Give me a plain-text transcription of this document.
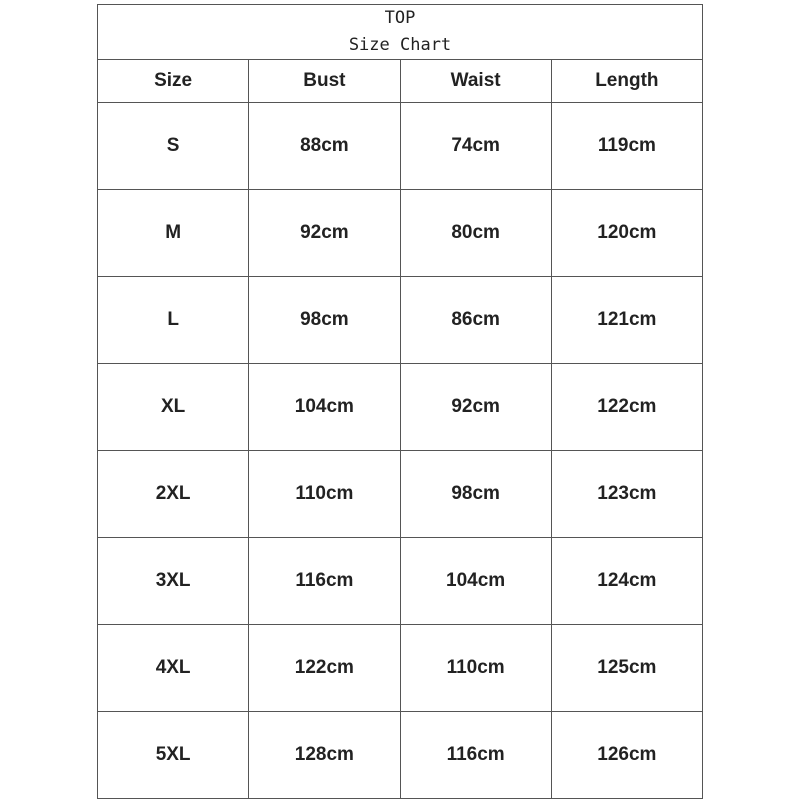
TOP
Size Chart			

Size	Bust	Waist	Length
S	88cm	74cm	119cm
M	92cm	80cm	120cm
L	98cm	86cm	121cm
XL	104cm	92cm	122cm
2XL	110cm	98cm	123cm
3XL	116cm	104cm	124cm
4XL	122cm	110cm	125cm
5XL	128cm	116cm	126cm
